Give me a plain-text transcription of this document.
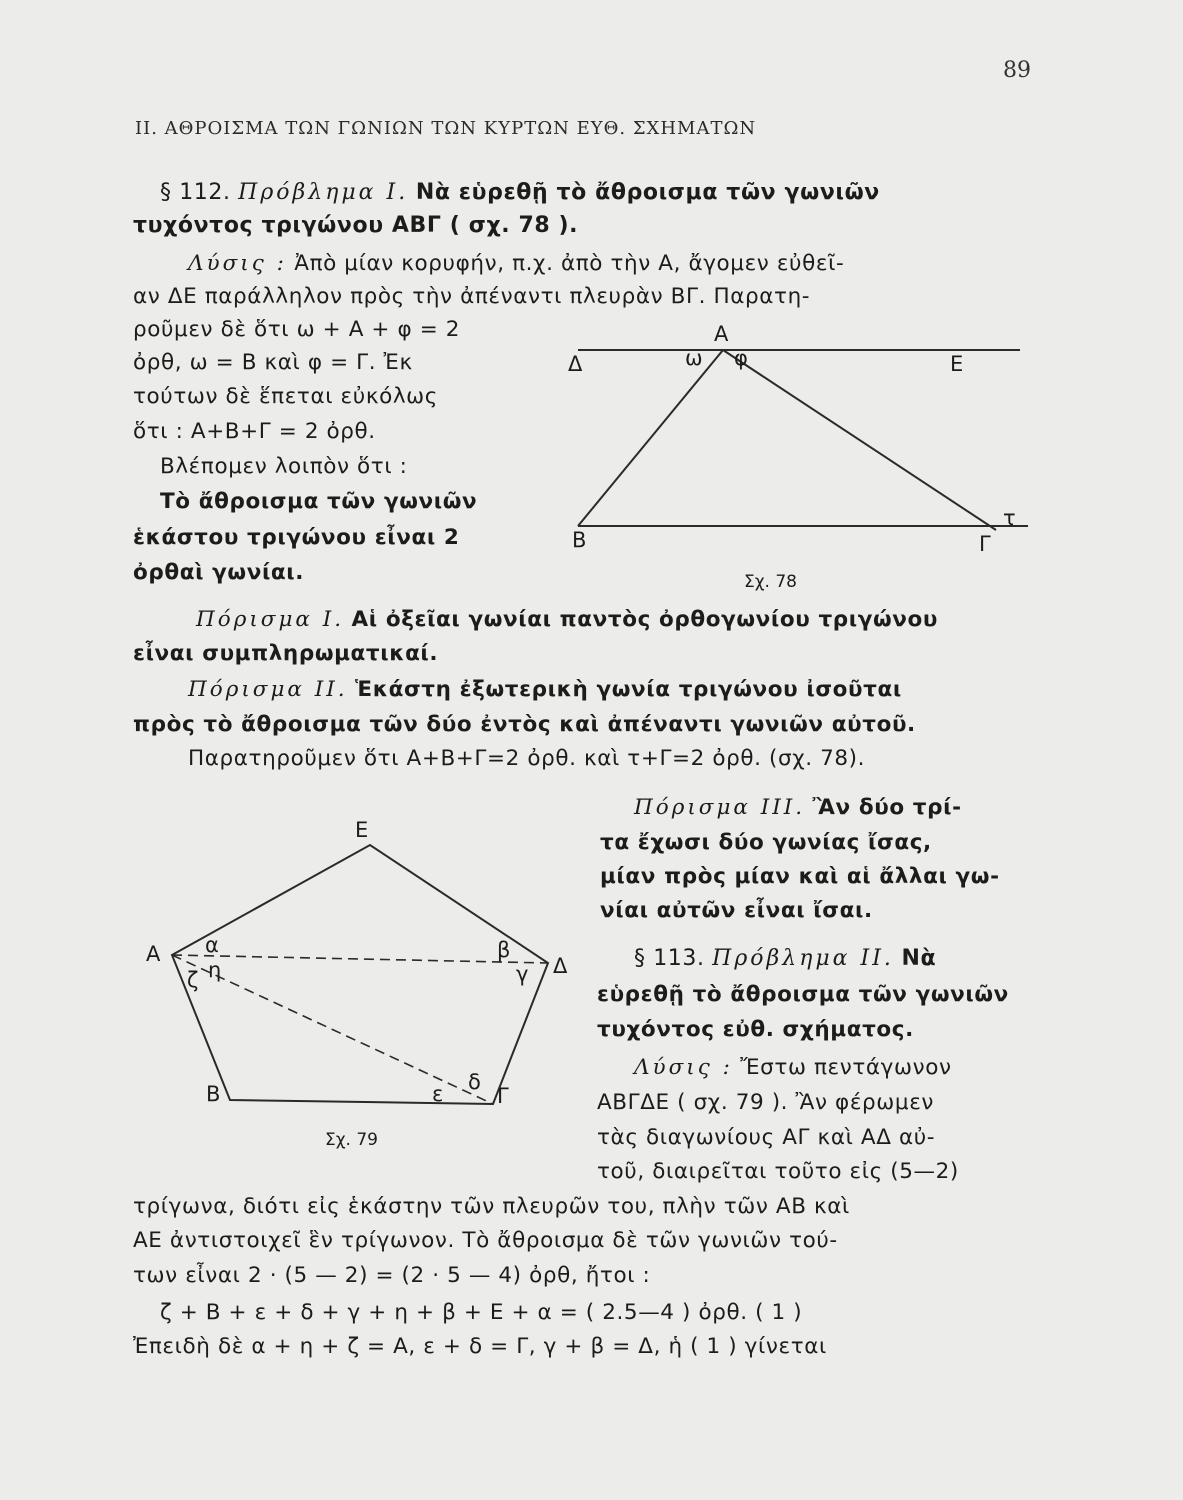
89
ΙΙ. ΑΘΡΟΙΣΜΑ ΤΩΝ ΓΩΝΙΩΝ ΤΩΝ ΚΥΡΤΩΝ ΕΥΘ. ΣΧΗΜΑΤΩΝ
§ 112. Πρόβλημα Ι. Νὰ εὑρεθῇ τὸ ἄθροισμα τῶν γωνιῶν
τυχόντος τριγώνου ΑΒΓ ( σχ. 78 ).
Λύσις : Ἀπὸ μίαν κορυφήν, π.χ. ἀπὸ τὴν Α, ἄγομεν εὐθεῖ-
αν ΔΕ παράλληλον πρὸς τὴν ἀπέναντι πλευρὰν ΒΓ. Παρατη-
ροῦμεν δὲ ὅτι ω + Α + φ = 2
ὀρθ, ω = Β καὶ φ = Γ. Ἐκ
τούτων δὲ ἕπεται εὐκόλως
ὅτι : Α+Β+Γ = 2 ὀρθ.
Βλέπομεν λοιπὸν ὅτι :
Τὸ ἄθροισμα τῶν γωνιῶν
ἑκάστου τριγώνου εἶναι 2
ὀρθαὶ γωνίαι.
Α
Δ	Ε
ω φ
Β	Γ
τ
Σχ. 78
Πόρισμα Ι. Αἱ ὀξεῖαι γωνίαι παντὸς ὀρθογωνίου τριγώνου
εἶναι συμπληρωματικαί.
Πόρισμα ΙΙ. Ἑκάστη ἐξωτερικὴ γωνία τριγώνου ἰσοῦται
πρὸς τὸ ἄθροισμα τῶν δύο ἐντὸς καὶ ἀπέναντι γωνιῶν αὐτοῦ.
Παρατηροῦμεν ὅτι Α+Β+Γ=2 ὀρθ. καὶ τ+Γ=2 ὀρθ. (σχ. 78).
Πόρισμα ΙΙΙ. Ἂν δύο τρί-
τα ἔχωσι δύο γωνίας ἴσας,
μίαν πρὸς μίαν καὶ αἱ ἄλλαι γω-
νίαι αὐτῶν εἶναι ἴσαι.
Ε
Α	Δ
Β	Γ
α
η
ζ
β
γ
ε δ
Σχ. 79
§ 113. Πρόβλημα ΙΙ. Νὰ
εὑρεθῇ τὸ ἄθροισμα τῶν γωνιῶν
τυχόντος εὐθ. σχήματος.
Λύσις : Ἔστω πεντάγωνον
ΑΒΓΔΕ ( σχ. 79 ). Ἂν φέρωμεν
τὰς διαγωνίους ΑΓ καὶ ΑΔ αὐ-
τοῦ, διαιρεῖται τοῦτο εἰς (5—2)
τρίγωνα, διότι εἰς ἑκάστην τῶν πλευρῶν του, πλὴν τῶν ΑΒ καὶ
ΑΕ ἀντιστοιχεῖ ἓν τρίγωνον. Τὸ ἄθροισμα δὲ τῶν γωνιῶν τού-
των εἶναι 2 · (5 — 2) = (2 · 5 — 4) ὀρθ, ἤτοι :
ζ + Β + ε + δ + γ + η + β + Ε + α = ( 2.5—4 ) ὀρθ. ( 1 )
Ἐπειδὴ δὲ α + η + ζ = Α, ε + δ = Γ, γ + β = Δ, ἡ ( 1 ) γίνεται
